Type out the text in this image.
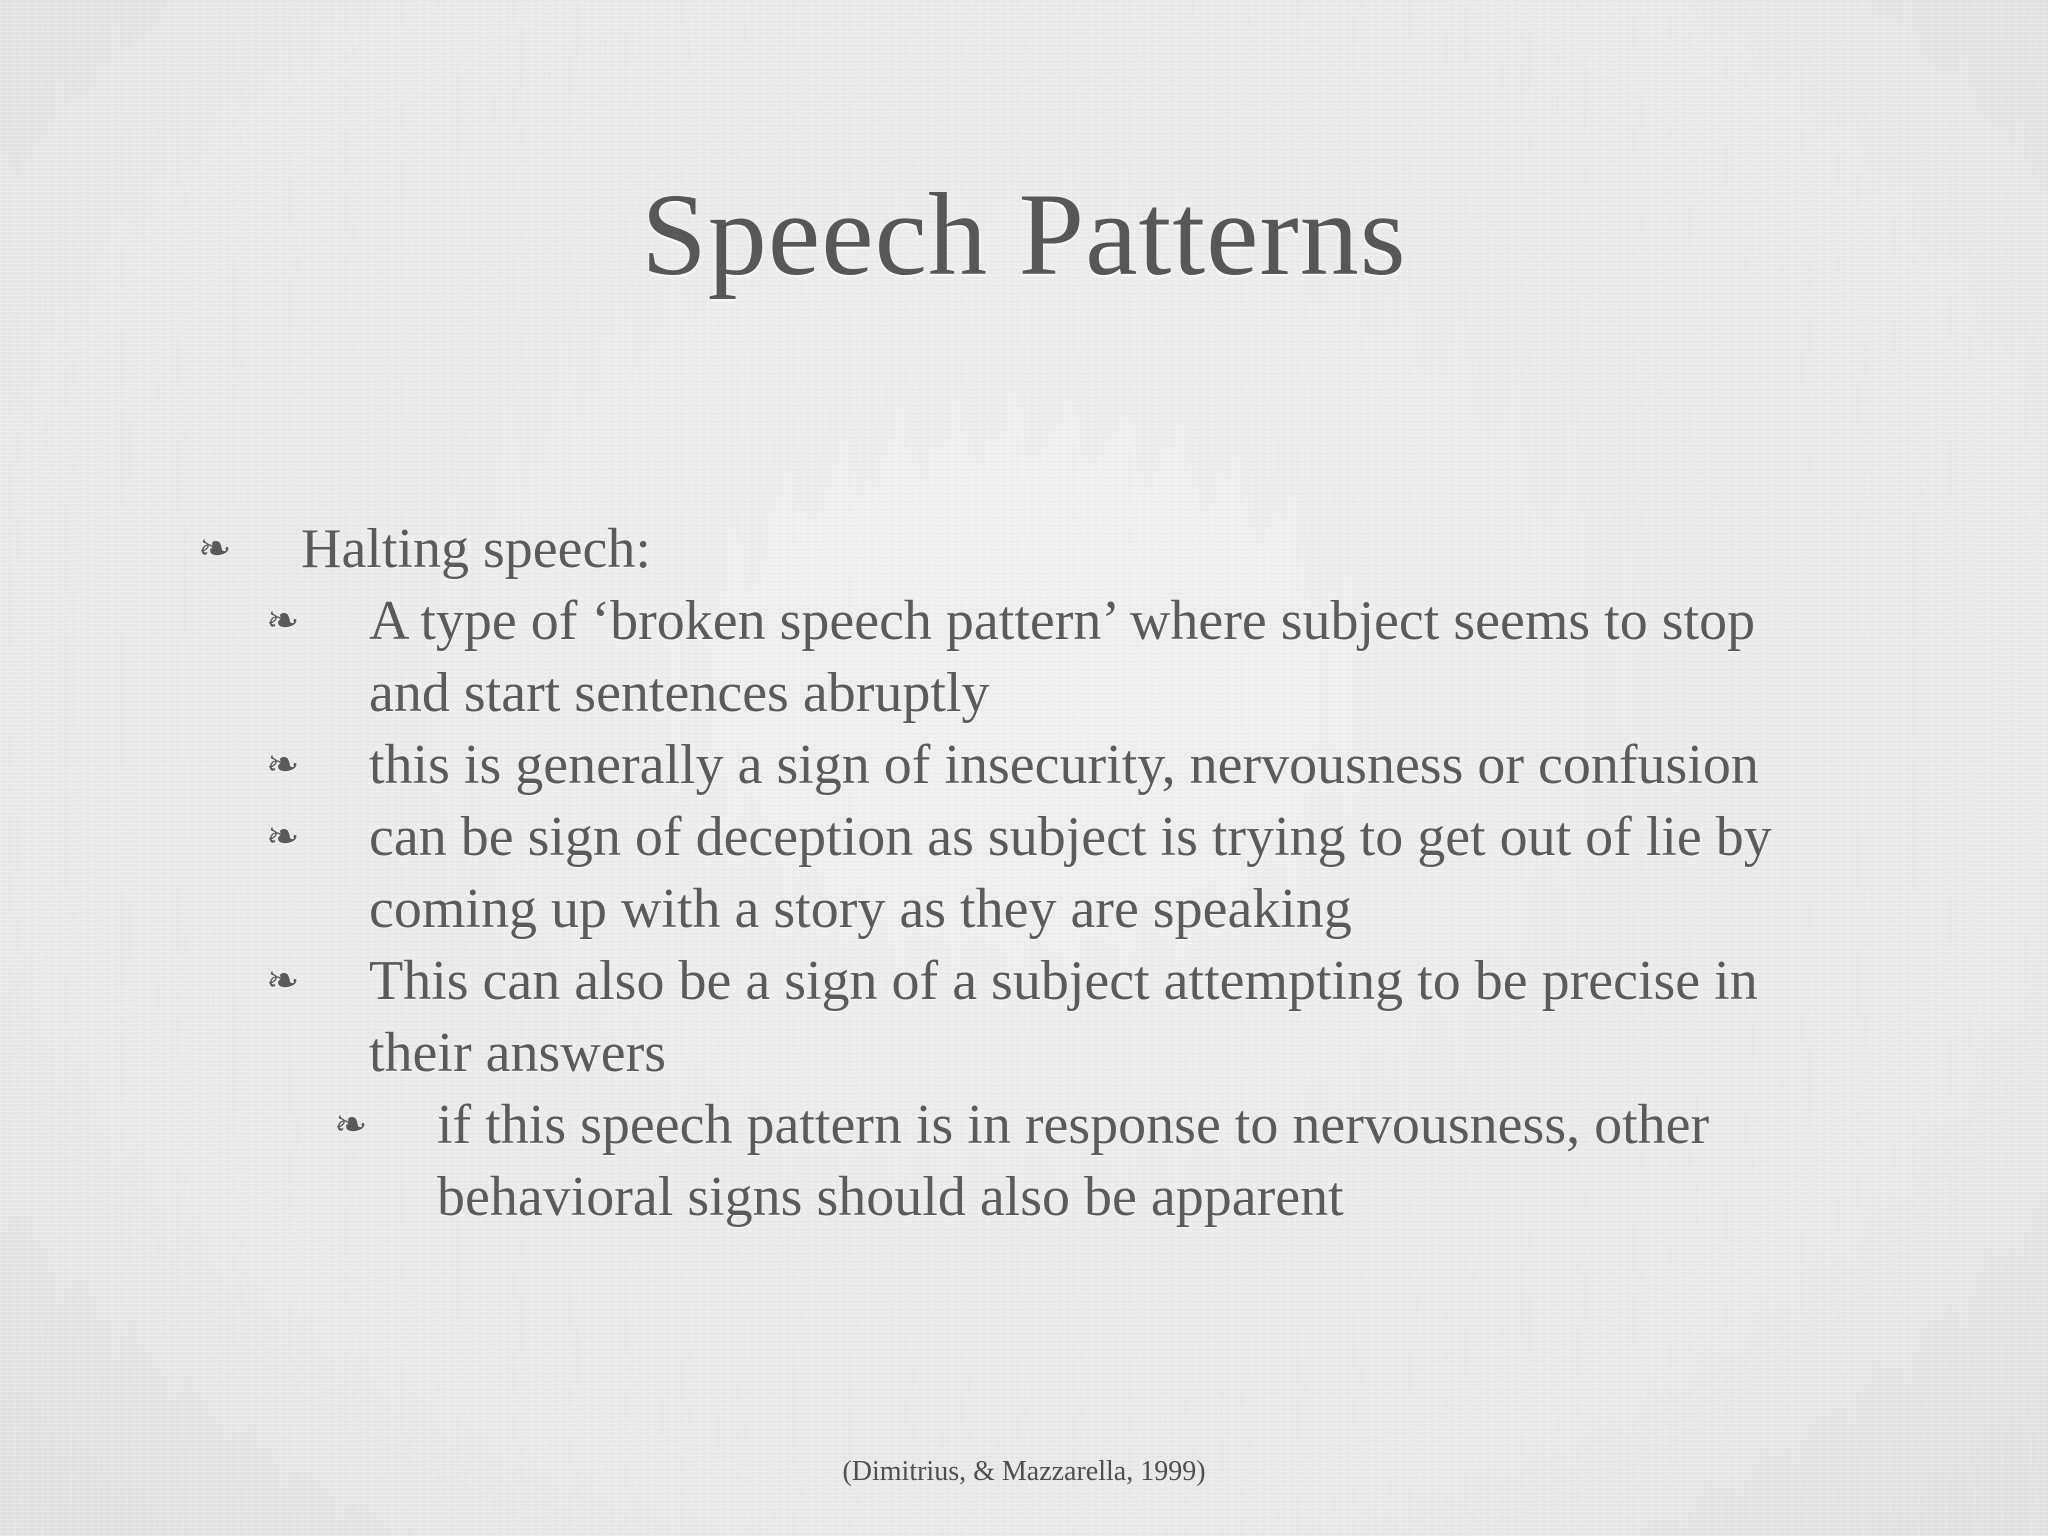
Speech Patterns
❧	Halting speech:
❧	A type of ‘broken speech pattern’ where subject seems to stop and start sentences abruptly
❧	this is generally a sign of insecurity, nervousness or confusion
❧	can be sign of deception as subject is trying to get out of lie by coming up with a story as they are speaking
❧	This can also be a sign of a subject attempting to be precise in their answers
❧	if this speech pattern is in response to nervousness, other behavioral signs should also be apparent
(Dimitrius, & Mazzarella, 1999)
